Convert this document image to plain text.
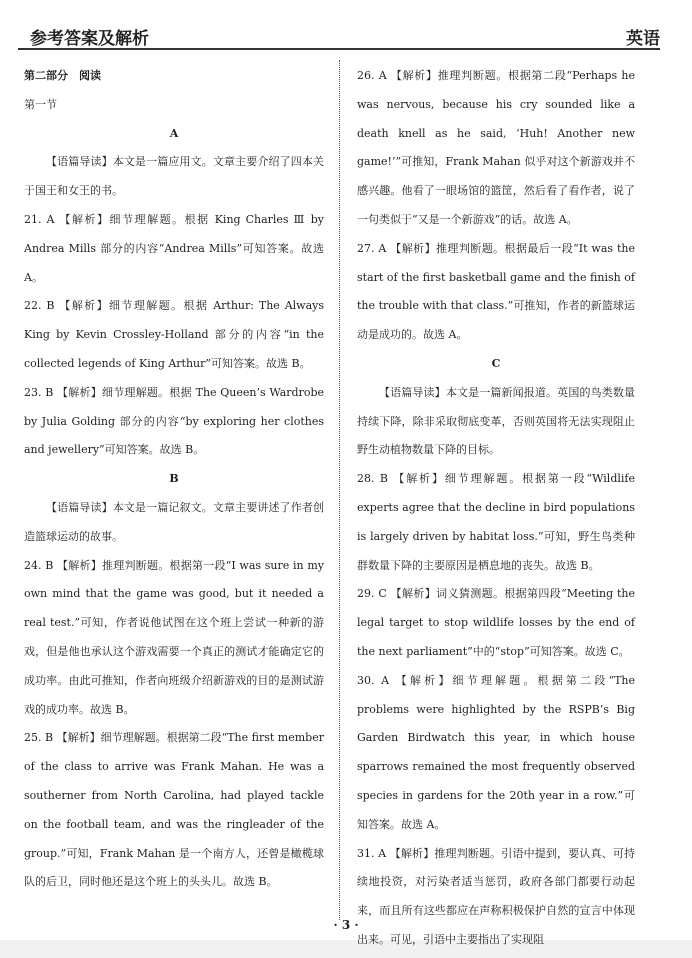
参考答案及解析	英语

第二部分　阅读

第一节

A

【语篇导读】本文是一篇应用文。文章主要介绍了四本关于国王和女王的书。

21. A 【解析】细节理解题。根据 King Charles Ⅲ by Andrea Mills 部分的内容“Andrea Mills”可知答案。故选 A。

22. B 【解析】细节理解题。根据 Arthur: The Always King by Kevin Crossley-Holland 部分的内容“in the collected legends of King Arthur”可知答案。故选 B。

23. B 【解析】细节理解题。根据 The Queen’s Wardrobe by Julia Golding 部分的内容“by exploring her clothes and jewellery”可知答案。故选 B。

B

【语篇导读】本文是一篇记叙文。文章主要讲述了作者创造篮球运动的故事。

24. B 【解析】推理判断题。根据第一段“I was sure in my own mind that the game was good, but it needed a real test.”可知，作者说他试图在这个班上尝试一种新的游戏，但是他也承认这个游戏需要一个真正的测试才能确定它的成功率。由此可推知，作者向班级介绍新游戏的目的是测试游戏的成功率。故选 B。

25. B 【解析】细节理解题。根据第二段“The first member of the class to arrive was Frank Mahan. He was a southerner from North Carolina, had played tackle on the football team, and was the ringleader of the group.”可知，Frank Mahan 是一个南方人，还曾是橄榄球队的后卫，同时他还是这个班上的头头儿。故选 B。

26. A 【解析】推理判断题。根据第二段“Perhaps he was nervous, because his cry sounded like a death knell as he said, ‘Huh! Another new game!’”可推知，Frank Mahan 似乎对这个新游戏并不感兴趣。他看了一眼场馆的篮筐，然后看了看作者，说了一句类似于“又是一个新游戏”的话。故选 A。

27. A 【解析】推理判断题。根据最后一段“It was the start of the first basketball game and the finish of the trouble with that class.”可推知，作者的新篮球运动是成功的。故选 A。

C

【语篇导读】本文是一篇新闻报道。英国的鸟类数量持续下降，除非采取彻底变革，否则英国将无法实现阻止野生动植物数量下降的目标。

28. B 【解析】细节理解题。根据第一段“Wildlife experts agree that the decline in bird populations is largely driven by habitat loss.”可知，野生鸟类种群数量下降的主要原因是栖息地的丧失。故选 B。

29. C 【解析】词义猜测题。根据第四段“Meeting the legal target to stop wildlife losses by the end of the next parliament”中的“stop”可知答案。故选 C。

30. A 【解析】细节理解题。根据第二段“The problems were highlighted by the RSPB’s Big Garden Birdwatch this year, in which house sparrows remained the most frequently observed species in gardens for the 20th year in a row.”可知答案。故选 A。

31. A 【解析】推理判断题。引语中提到，要认真、可持续地投资，对污染者适当惩罚，政府各部门都要行动起来，而且所有这些都应在声称积极保护自然的宣言中体现出来。可见，引语中主要指出了实现阻

· 3 ·
